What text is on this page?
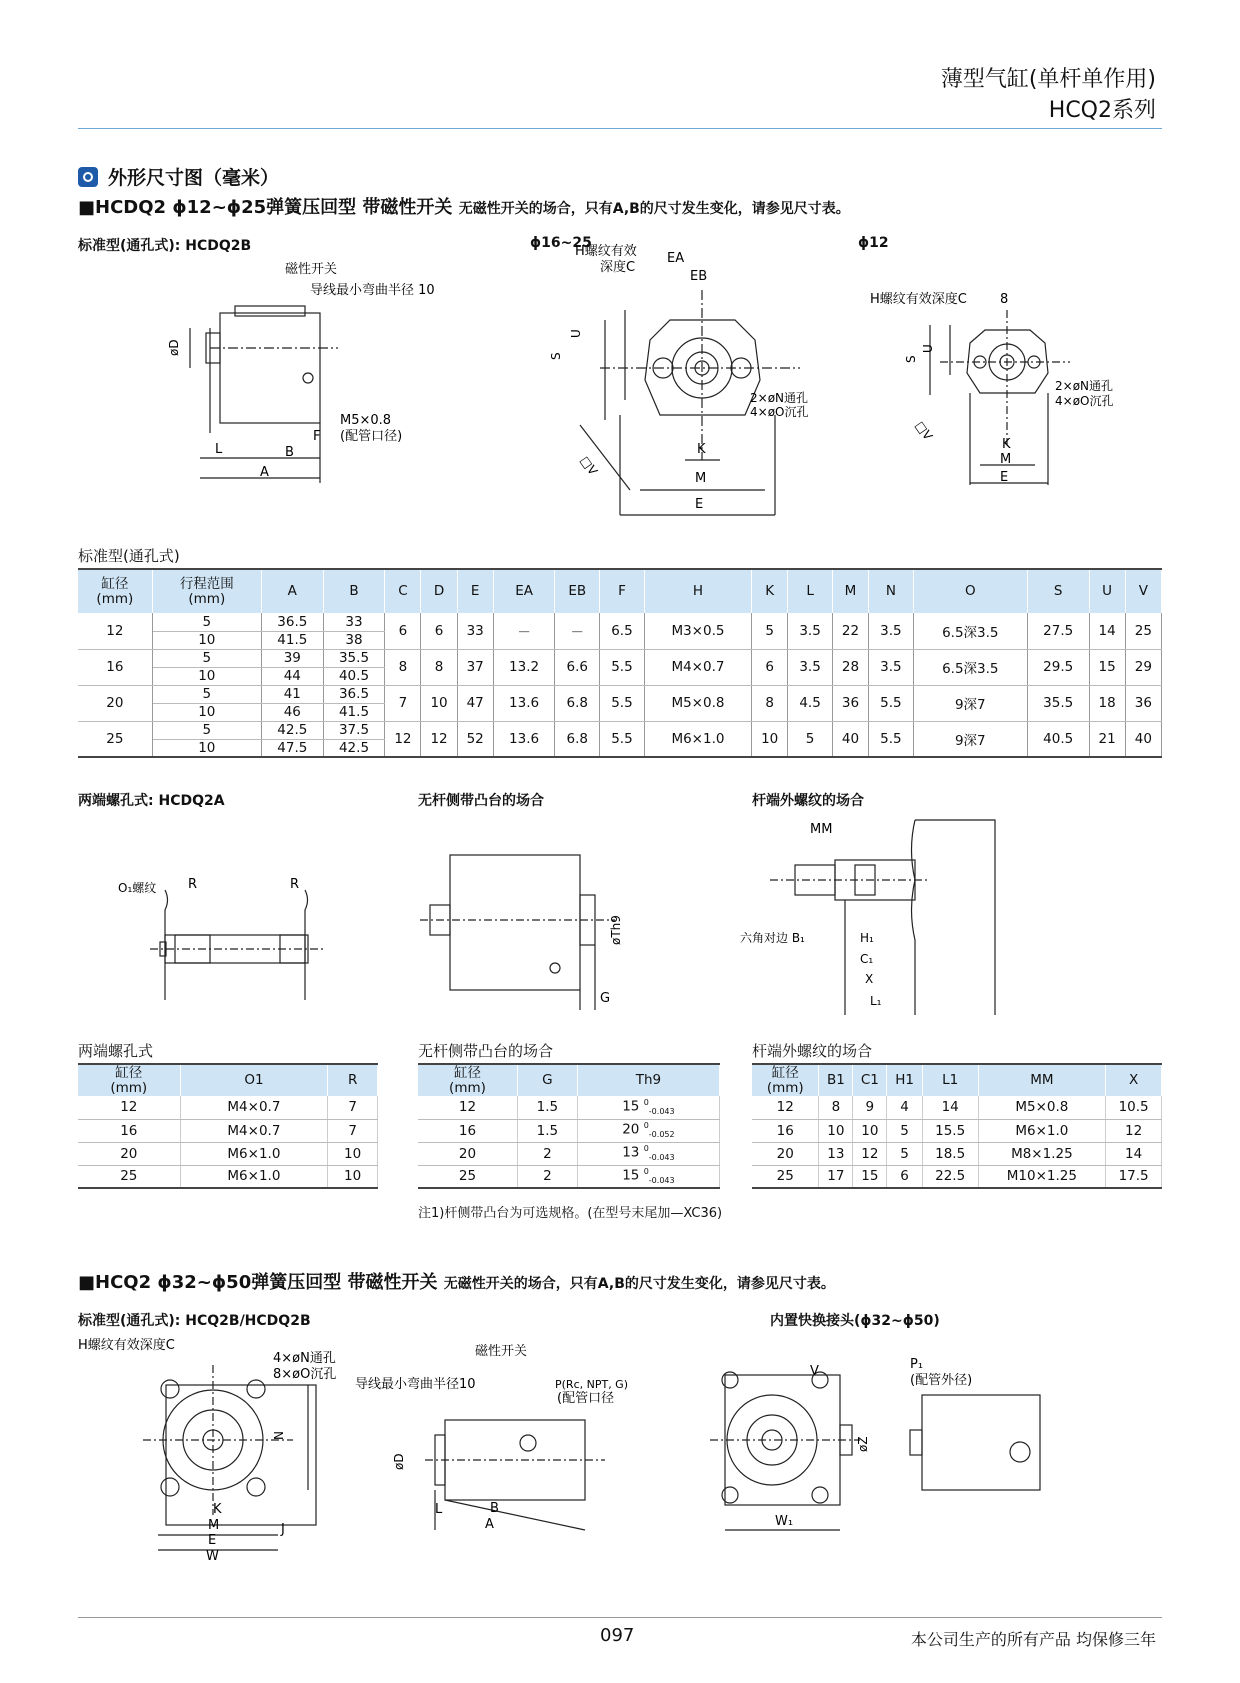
薄型气缸(单杆单作用)
HCQ2系列
外形尺寸图（毫米）
■HCDQ2 ϕ12~ϕ25弹簧压回型 带磁性开关 无磁性开关的场合，只有A,B的尺寸发生变化，请参见尺寸表。
标准型(通孔式): HCDQ2B	ϕ16~25	ϕ12
磁性开关
导线最小弯曲半径 10
M5×0.8
(配管口径)
øD
L	B
A
F
H螺纹有效
深度C
EA
EB
2×øN通孔
4×øO沉孔
U
S
□V
K
M
E
H螺纹有效深度C	8
2×øN通孔
4×øO沉孔
U
S
□V
K
M
E
标准型(通孔式)
缸径
(mm)	行程范围
(mm)	A	B	C	D	E	EA	EB	F	H	K	L	M	N	O	S	U	V
12	5	36.5	33	6	6	33	－	－	6.5	M3×0.5	5	3.5	22	3.5	6.5深3.5	27.5	14	25
	10	41.5	38															
16	5	39	35.5	8	8	37	13.2	6.6	5.5	M4×0.7	6	3.5	28	3.5	6.5深3.5	29.5	15	29
	10	44	40.5															
20	5	41	36.5	7	10	47	13.6	6.8	5.5	M5×0.8	8	4.5	36	5.5	9深7	35.5	18	36
	10	46	41.5															
25	5	42.5	37.5	12	12	52	13.6	6.8	5.5	M6×1.0	10	5	40	5.5	9深7	40.5	21	40
	10	47.5	42.5															
两端螺孔式: HCDQ2A	无杆侧带凸台的场合	杆端外螺纹的场合
O₁螺纹 R	R
øTh9
G
MM
六角对边 B₁	H₁
C₁
X
L₁
两端螺孔式	无杆侧带凸台的场合	杆端外螺纹的场合
缸径
(mm)	O1	R
12	M4×0.7	7
16	M4×0.7	7
20	M6×1.0	10
25	M6×1.0	10
缸径
(mm)	G	Th9
12	1.5	15 $^0_{-0.043}$
16	1.5	20 $^0_{-0.052}$
20	2	13 $^0_{-0.043}$
25	2	15 $^0_{-0.043}$
缸径
(mm)	B1	C1	H1	L1	MM	X
12	8	9	4	14	M5×0.8	10.5
16	10	10	5	15.5	M6×1.0	12
20	13	12	5	18.5	M8×1.25	14
25	17	15	6	22.5	M10×1.25	17.5
注1)杆侧带凸台为可选规格。(在型号末尾加—XC36)
■HCQ2 ϕ32~ϕ50弹簧压回型 带磁性开关 无磁性开关的场合，只有A,B的尺寸发生变化，请参见尺寸表。
标准型(通孔式): HCQ2B/HCDQ2B	内置快换接头(ϕ32~ϕ50)
H螺纹有效深度C
4×øN通孔
8×øO沉孔
K
M
E
W
J
N
磁性开关
导线最小弯曲半径10	P(Rc, NPT, G)
(配管口径
øD
L	B
A
V
øZ
P₁
(配管外径)
W₁
097	本公司生产的所有产品 均保修三年
